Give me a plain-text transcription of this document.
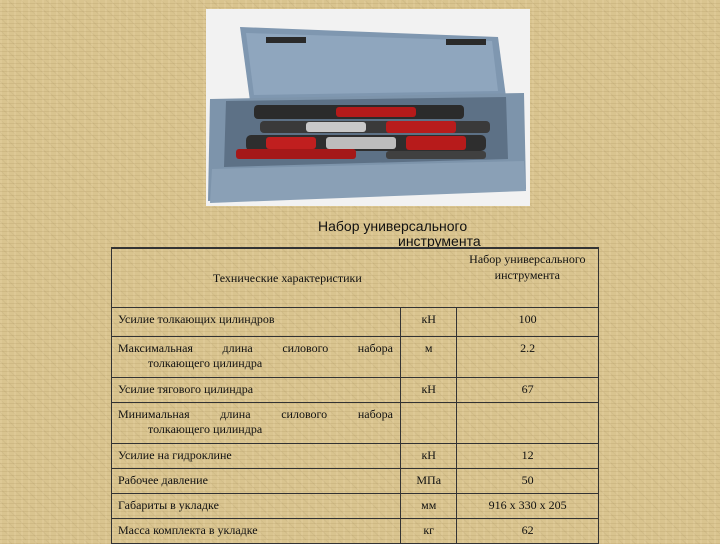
Набор универсального
инструмента

Технические характеристики		Набор универсального инструмента
Усилие толкающих цилиндров	кН	100

Максимальная длина силового набора
толкающего цилиндра	м	2.2
Усилие тягового цилиндра	кН	67

Минимальная длина силового набора
толкающего цилиндра		

Усилие на гидроклине	кН	12
Рабочее давление	МПа	50
Габариты в укладке	мм	916 х 330 х 205
Масса комплекта в укладке	кг	62
